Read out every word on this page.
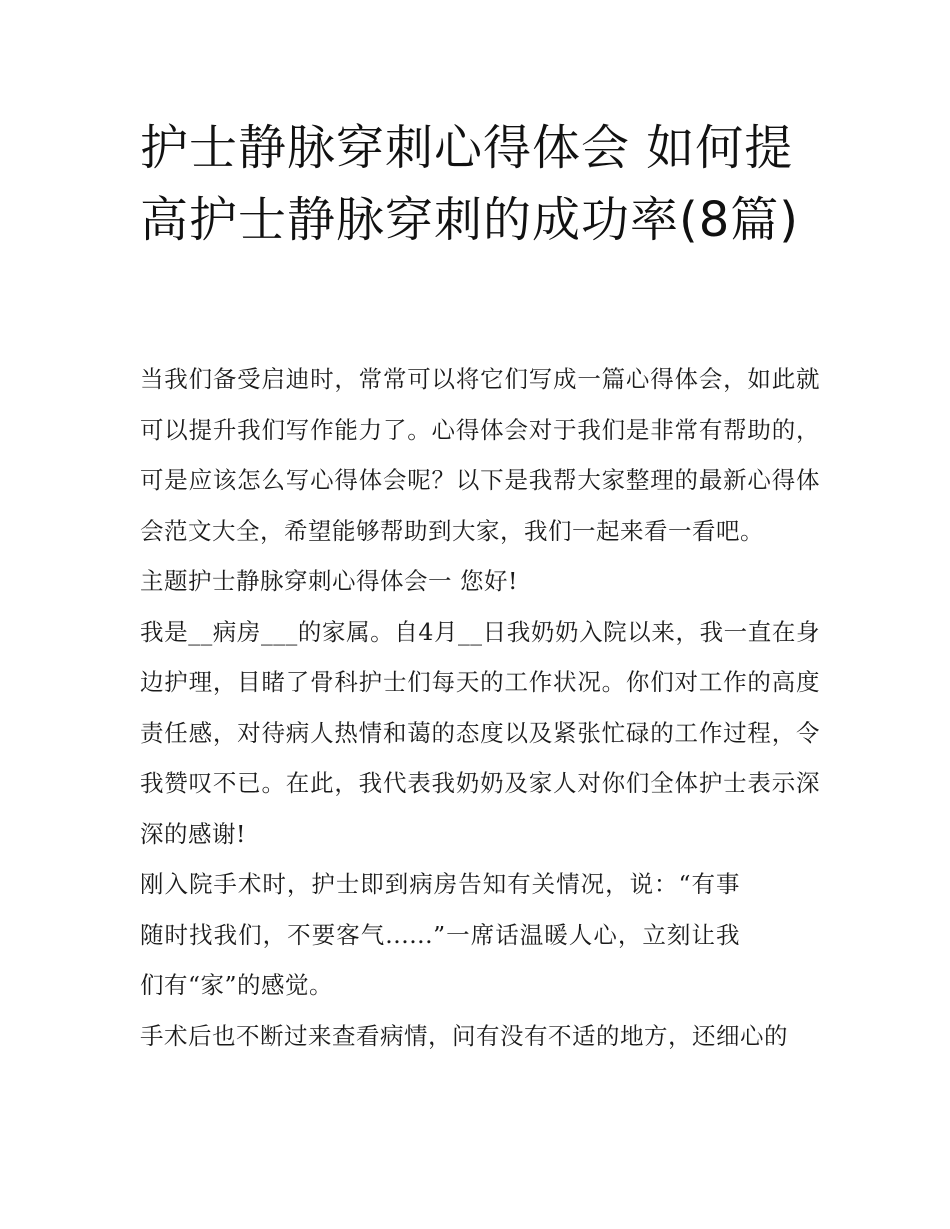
护士静脉穿刺心得体会 如何提高护士静脉穿刺的成功率(8篇)

当我们备受启迪时，常常可以将它们写成一篇心得体会，如此就可以提升我们写作能力了。心得体会对于我们是非常有帮助的，可是应该怎么写心得体会呢？以下是我帮大家整理的最新心得体会范文大全，希望能够帮助到大家，我们一起来看一看吧。

主题护士静脉穿刺心得体会一 您好!

我是__病房___的家属。自4月__日我奶奶入院以来，我一直在身边护理，目睹了骨科护士们每天的工作状况。你们对工作的高度责任感，对待病人热情和蔼的态度以及紧张忙碌的工作过程，令我赞叹不已。在此，我代表我奶奶及家人对你们全体护士表示深深的感谢!

刚入院手术时，护士即到病房告知有关情况，说：“有事随时找我们，不要客气......”一席话温暖人心，立刻让我们有“家”的感觉。

手术后也不断过来查看病情，问有没有不适的地方，还细心的
